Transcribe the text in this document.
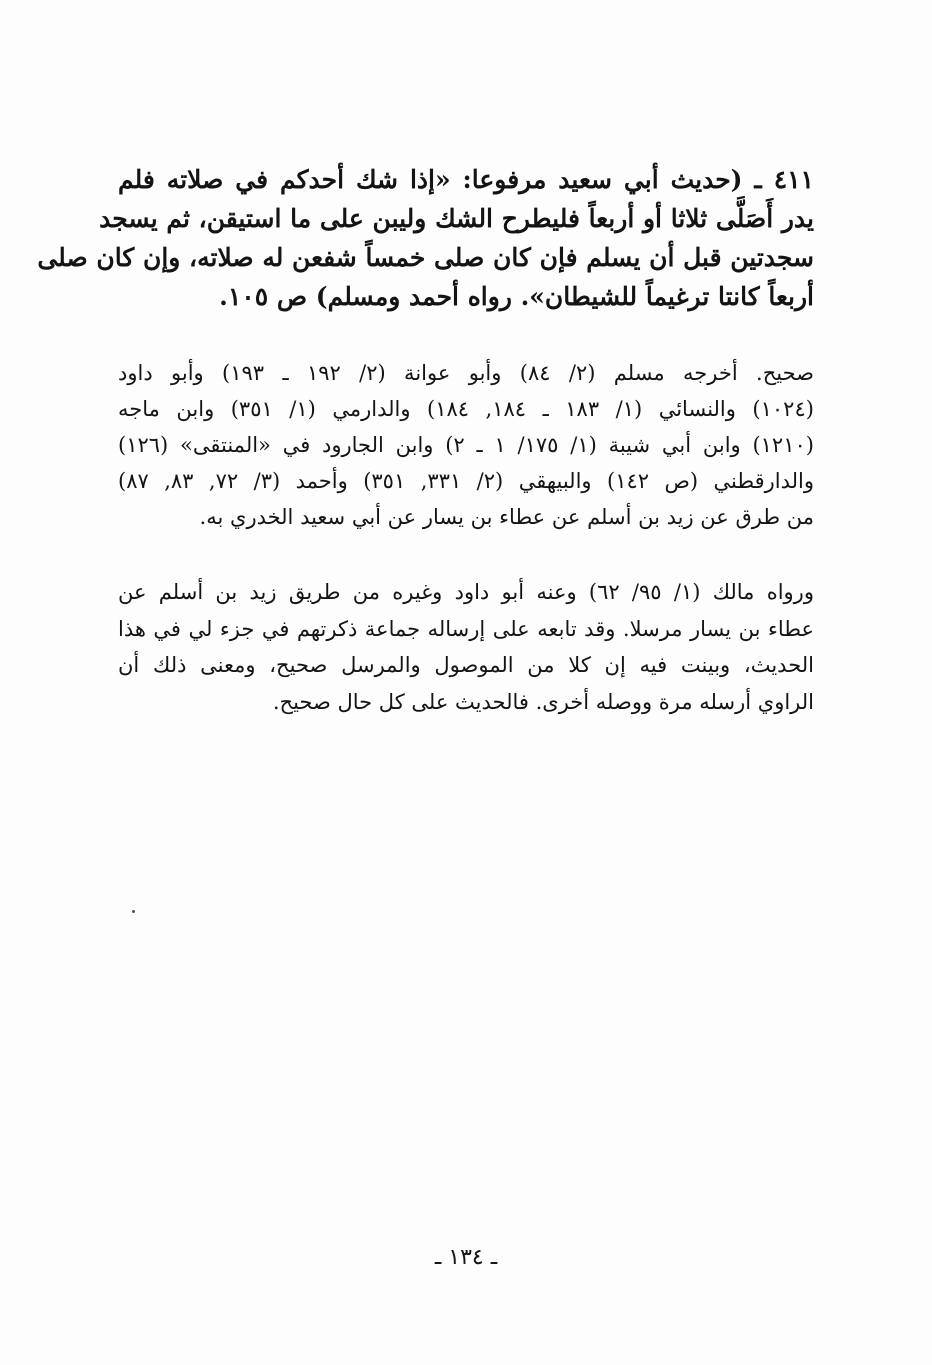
٤١١ ـ (حديث أبي سعيد مرفوعا: «إذا شك أحدكم في صلاته فلم
يدر أَصَلَّى ثلاثا أو أربعاً فليطرح الشك وليبن على ما استيقن، ثم يسجد
سجدتين قبل أن يسلم فإن كان صلى خمساً شفعن له صلاته، وإن كان صلى
أربعاً كانتا ترغيماً للشيطان». رواه أحمد ومسلم) ص ١٠٥.
صحيح. أخرجه مسلم (٢/ ٨٤) وأبو عوانة (٢/ ١٩٢ ـ ١٩٣) وأبو داود
(١٠٢٤) والنسائي (١/ ١٨٣ ـ ١٨٤, ١٨٤) والدارمي (١/ ٣٥١) وابن ماجه
(١٢١٠) وابن أبي شيبة (١/ ١٧٥/ ١ ـ ٢) وابن الجارود في «المنتقى» (١٢٦)
والدارقطني (ص ١٤٢) والبيهقي (٢/ ٣٣١, ٣٥١) وأحمد (٣/ ٧٢, ٨٣, ٨٧)
من طرق عن زيد بن أسلم عن عطاء بن يسار عن أبي سعيد الخدري به.
ورواه مالك (١/ ٩٥/ ٦٢) وعنه أبو داود وغيره من طريق زيد بن أسلم عن
عطاء بن يسار مرسلا. وقد تابعه على إرساله جماعة ذكرتهم في جزء لي في هذا
الحديث، وبينت فيه إن كلا من الموصول والمرسل صحيح، ومعنى ذلك أن
الراوي أرسله مرة ووصله أخرى. فالحديث على كل حال صحيح.
ـ ١٣٤ ـ
